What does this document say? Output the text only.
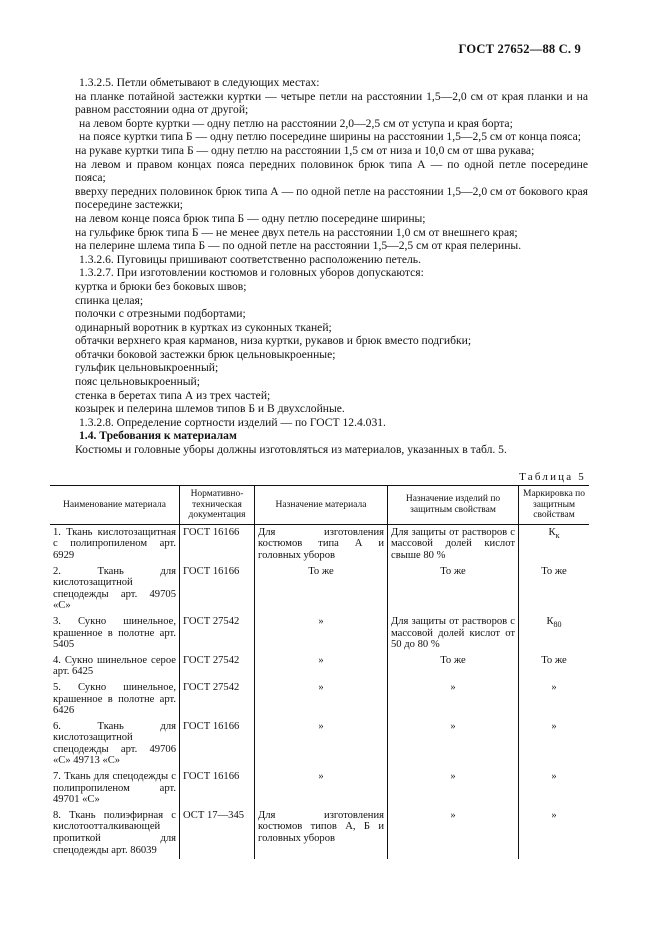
ГОСТ 27652—88 С. 9

1.3.2.5. Петли обметывают в следующих местах:

на планке потайной застежки куртки — четыре петли на расстоянии 1,5—2,0 см от края планки и на равном расстоянии одна от другой;

на левом борте куртки — одну петлю на расстоянии 2,0—2,5 см от уступа и края борта;

на поясе куртки типа Б — одну петлю посередине ширины на расстоянии 1,5—2,5 см от конца пояса;

на рукаве куртки типа Б — одну петлю на расстоянии 1,5 см от низа и 10,0 см от шва рукава;

на левом и правом концах пояса передних половинок брюк типа А — по одной петле посередине пояса;

вверху передних половинок брюк типа А — по одной петле на расстоянии 1,5—2,0 см от бокового края посередине застежки;

на левом конце пояса брюк типа Б — одну петлю посередине ширины;

на гульфике брюк типа Б — не менее двух петель на расстоянии 1,0 см от внешнего края;

на пелерине шлема типа Б — по одной петле на расстоянии 1,5—2,5 см от края пелерины.

1.3.2.6. Пуговицы пришивают соответственно расположению петель.

1.3.2.7. При изготовлении костюмов и головных уборов допускаются:

куртка и брюки без боковых швов;

спинка целая;

полочки с отрезными подбортами;

одинарный воротник в куртках из суконных тканей;

обтачки верхнего края карманов, низа куртки, рукавов и брюк вместо подгибки;

обтачки боковой застежки брюк цельновыкроенные;

гульфик цельновыкроенный;

пояс цельновыкроенный;

стенка в беретах типа А из трех частей;

козырек и пелерина шлемов типов Б и В двухслойные.

1.3.2.8. Определение сортности изделий — по ГОСТ 12.4.031.

1.4. Требования к материалам

Костюмы и головные уборы должны изготовляться из материалов, указанных в табл. 5.

Таблица 5
Наименование материала	Нормативно-техническая документация	Назначение материала	Назначение изделий по защитным свойствам	Маркировка по защитным свойствам
1. Ткань кислотозащитная с полипропиленом арт. 6929	ГОСТ 16166	Для изготовления костюмов типа А и головных уборов	Для защиты от растворов с массовой долей кислот свыше 80 %	$К_к$
2. Ткань для кислотозащитной спецодежды арт. 49705 «С»	ГОСТ 16166	То же	То же	То же
3. Сукно шинельное, крашенное в полотне арт. 5405	ГОСТ 27542	»	Для защиты от растворов с массовой долей кислот от 50 до 80 %	$К_{80}$
4. Сукно шинельное серое арт. 6425	ГОСТ 27542	»	То же	То же
5. Сукно шинельное, крашенное в полотне арт. 6426	ГОСТ 27542	»	»	»
6. Ткань для кислотозащитной спецодежды арт. 49706 «С» 49713 «С»	ГОСТ 16166	»	»	»
7. Ткань для спецодежды с полипропиленом арт. 49701 «С»	ГОСТ 16166	»	»	»
8. Ткань полиэфирная с кислотоотталкивающей пропиткой для спецодежды арт. 86039	ОСТ 17—345	Для изготовления костюмов типов А, Б и головных уборов	»	»
